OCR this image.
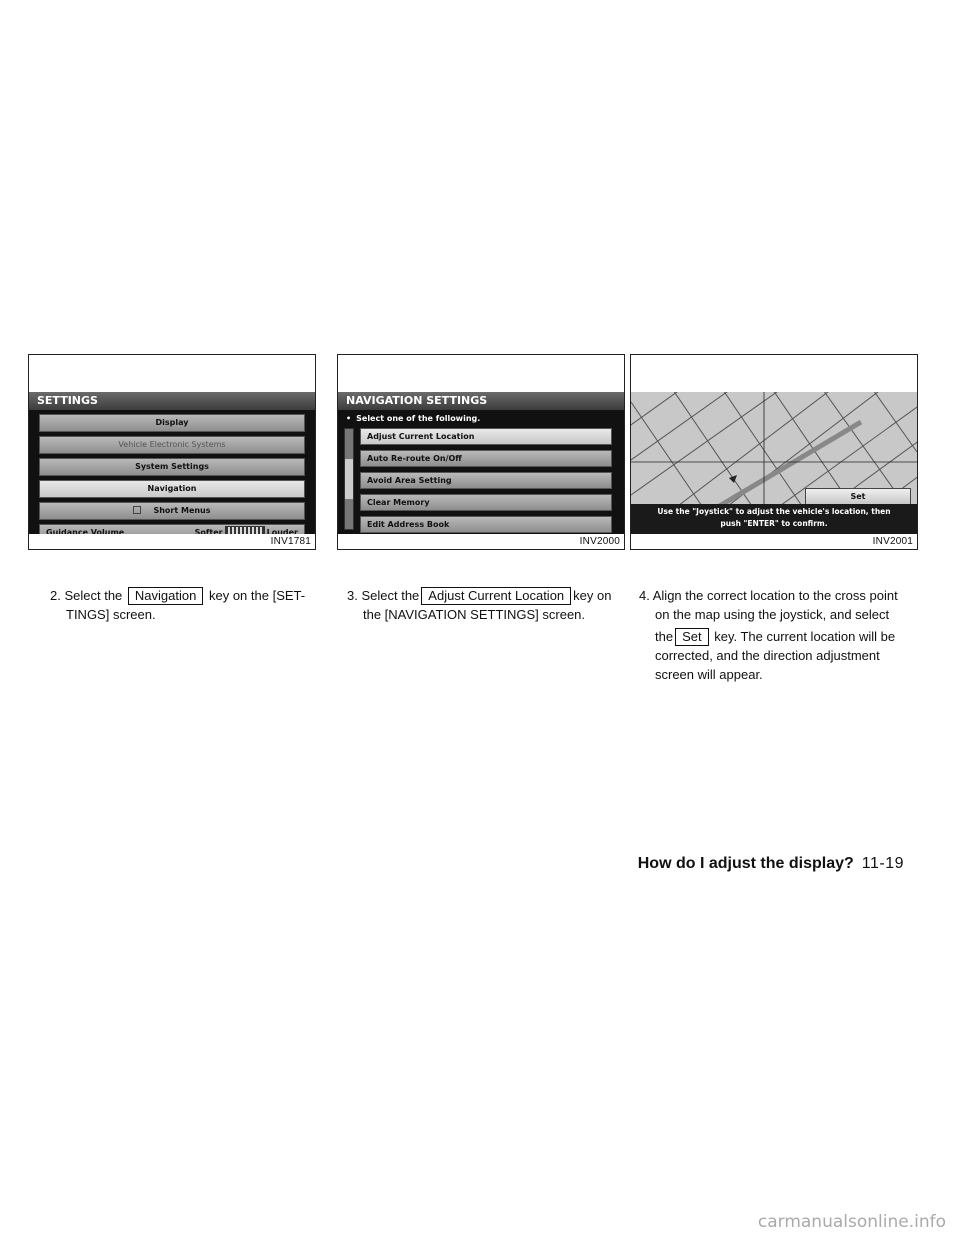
SETTINGS
Display
Vehicle Electronic Systems
System Settings
Navigation
Short Menus
Guidance Volume	Softer	Louder
INV1781
NAVIGATION SETTINGS
• Select one of the following.
Adjust Current Location
Auto Re-route On/Off
Avoid Area Setting
Clear Memory
Edit Address Book
INV2000
Set
Use the "Joystick" to adjust the vehicle's location, then
push "ENTER" to confirm.
INV2001
2. Select the Navigation key on the [SET-
TINGS] screen.
3. Select the Adjust Current Location key on
the [NAVIGATION SETTINGS] screen.
4. Align the correct location to the cross point
on the map using the joystick, and select
the Set key. The current location will be
corrected, and the direction adjustment
screen will appear.
How do I adjust the display? 11-19
carmanualsonline.info
